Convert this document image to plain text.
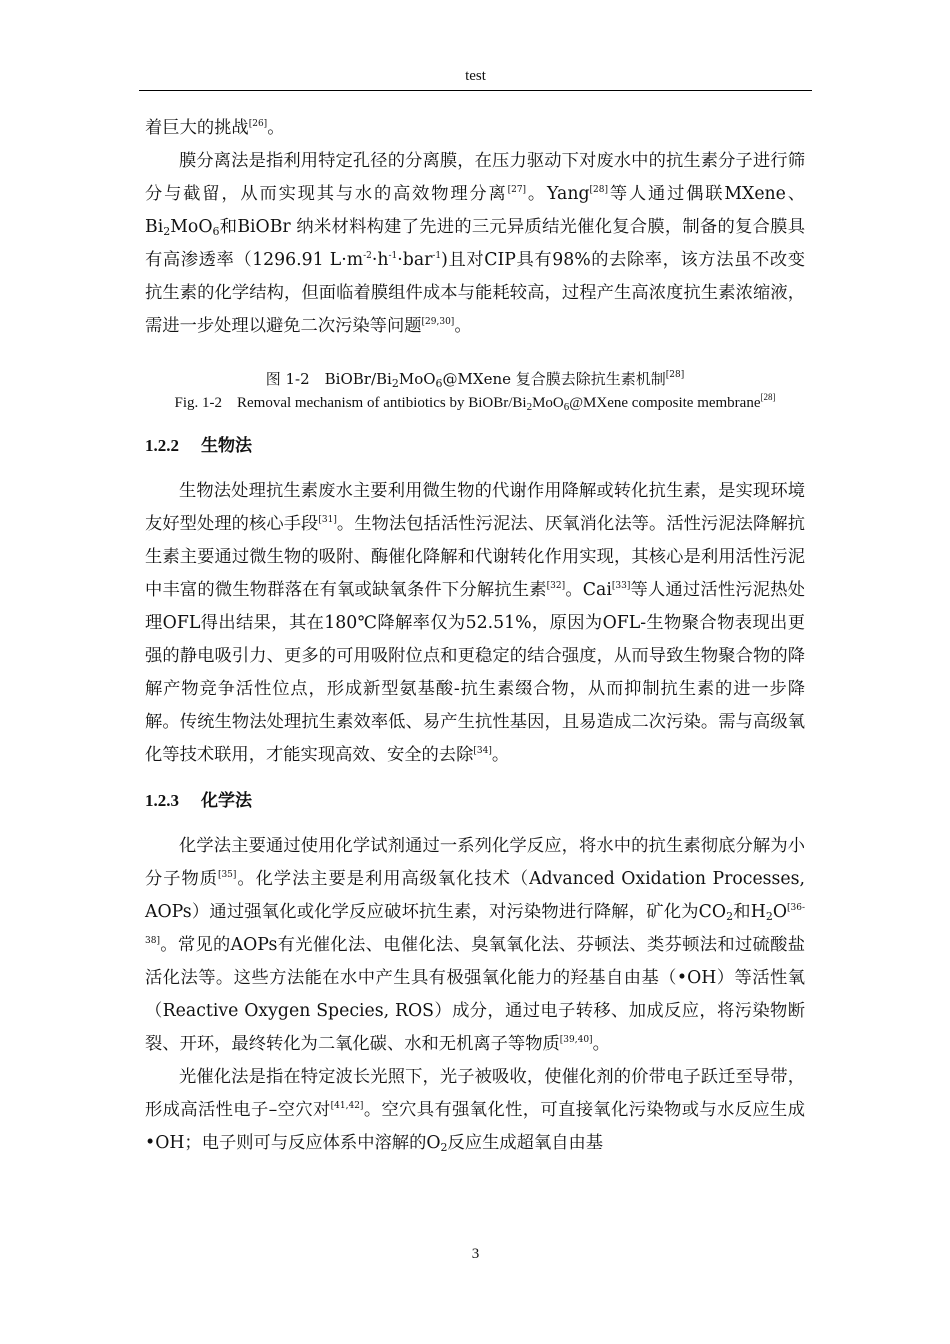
test

着巨大的挑战[26]。

膜分离法是指利用特定孔径的分离膜，在压力驱动下对废水中的抗生素分子进行筛分与截留，从而实现其与水的高效物理分离[27]。Yang[28]等人通过偶联MXene、$Bi_2MoO_6$和BiOBr 纳米材料构建了先进的三元异质结光催化复合膜，制备的复合膜具有高渗透率（1296.91 $L\cdot m^{-2}\cdot h^{-1}\cdot bar^{-1}$)且对CIP具有98%的去除率，该方法虽不改变抗生素的化学结构，但面临着膜组件成本与能耗较高，过程产生高浓度抗生素浓缩液，需进一步处理以避免二次污染等问题[29,30]。

图 1-2　BiOBr/$Bi_2MoO_6@MXene$ 复合膜去除抗生素机制[28]
Fig. 1-2　Removal mechanism of antibiotics by BiOBr/$Bi_2MoO_6@MXene$ composite membrane[28]
1.2.2 生物法

生物法处理抗生素废水主要利用微生物的代谢作用降解或转化抗生素，是实现环境友好型处理的核心手段[31]。生物法包括活性污泥法、厌氧消化法等。活性污泥法降解抗生素主要通过微生物的吸附、酶催化降解和代谢转化作用实现，其核心是利用活性污泥中丰富的微生物群落在有氧或缺氧条件下分解抗生素[32]。Cai[33]等人通过活性污泥热处理OFL得出结果，其在180℃降解率仅为52.51%，原因为OFL-生物聚合物表现出更强的静电吸引力、更多的可用吸附位点和更稳定的结合强度，从而导致生物聚合物的降解产物竞争活性位点，形成新型氨基酸-抗生素缀合物，从而抑制抗生素的进一步降解。传统生物法处理抗生素效率低、易产生抗性基因，且易造成二次污染。需与高级氧化等技术联用，才能实现高效、安全的去除[34]。

1.2.3 化学法

化学法主要通过使用化学试剂通过一系列化学反应，将水中的抗生素彻底分解为小分子物质[35]。化学法主要是利用高级氧化技术（Advanced Oxidation Processes, AOPs）通过强氧化或化学反应破坏抗生素，对污染物进行降解，矿化为$CO_2$和$H_2O[36-38]$。常见的AOPs有光催化法、电催化法、臭氧氧化法、芬顿法、类芬顿法和过硫酸盐活化法等。这些方法能在水中产生具有极强氧化能力的羟基自由基（•OH）等活性氧（Reactive Oxygen Species, ROS）成分，通过电子转移、加成反应，将污染物断裂、开环，最终转化为二氧化碳、水和无机离子等物质[39,40]。

光催化法是指在特定波长光照下，光子被吸收，使催化剂的价带电子跃迁至导带，形成高活性电子–空穴对[41,42]。空穴具有强氧化性，可直接氧化污染物或与水反应生成•OH；电子则可与反应体系中溶解的$O_2$反应生成超氧自由基

3
